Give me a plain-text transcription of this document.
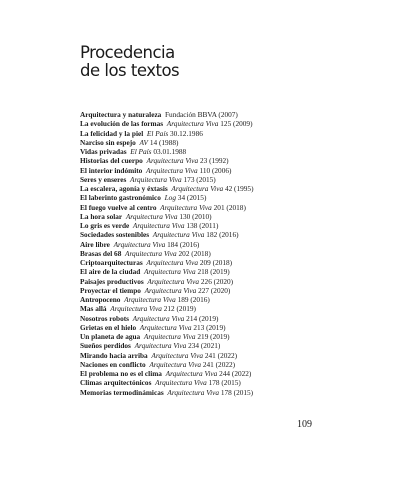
Procedencia
de los textos
Arquitectura y naturaleza  Fundación BBVA (2007)
La evolución de las formas  Arquitectura Viva 125 (2009)
La felicidad y la piel  El País 30.12.1986
Narciso sin espejo  AV 14 (1988)
Vidas privadas  El País 03.01.1988
Historias del cuerpo  Arquitectura Viva 23 (1992)
El interior indómito  Arquitectura Viva 110 (2006)
Seres y enseres  Arquitectura Viva 173 (2015)
La escalera, agonía y éxtasis  Arquitectura Viva 42 (1995)
El laberinto gastronómico  Log 34 (2015)
El fuego vuelve al centro  Arquitectura Viva 201 (2018)
La hora solar  Arquitectura Viva 130 (2010)
Lo gris es verde  Arquitectura Viva 138 (2011)
Sociedades sostenibles  Arquitectura Viva 182 (2016)
Aire libre  Arquitectura Viva 184 (2016)
Brasas del 68  Arquitectura Viva 202 (2018)
Criptoarquitecturas  Arquitectura Viva 209 (2018)
El aire de la ciudad  Arquitectura Viva 218 (2019)
Paisajes productivos  Arquitectura Viva 226 (2020)
Proyectar el tiempo  Arquitectura Viva 227 (2020)
Antropoceno  Arquitectura Viva 189 (2016)
Mas allá  Arquitectura Viva 212 (2019)
Nosotros robots  Arquitectura Viva 214 (2019)
Grietas en el hielo  Arquitectura Viva 213 (2019)
Un planeta de agua  Arquitectura Viva 219 (2019)
Sueños perdidos  Arquitectura Viva 234 (2021)
Mirando hacia arriba  Arquitectura Viva 241 (2022)
Naciones en conflicto  Arquitectura Viva 241 (2022)
El problema no es el clima  Arquitectura Viva 244 (2022)
Climas arquitectónicos  Arquitectura Viva 178 (2015)
Memorias termodinámicas  Arquitectura Viva 178 (2015)
109
